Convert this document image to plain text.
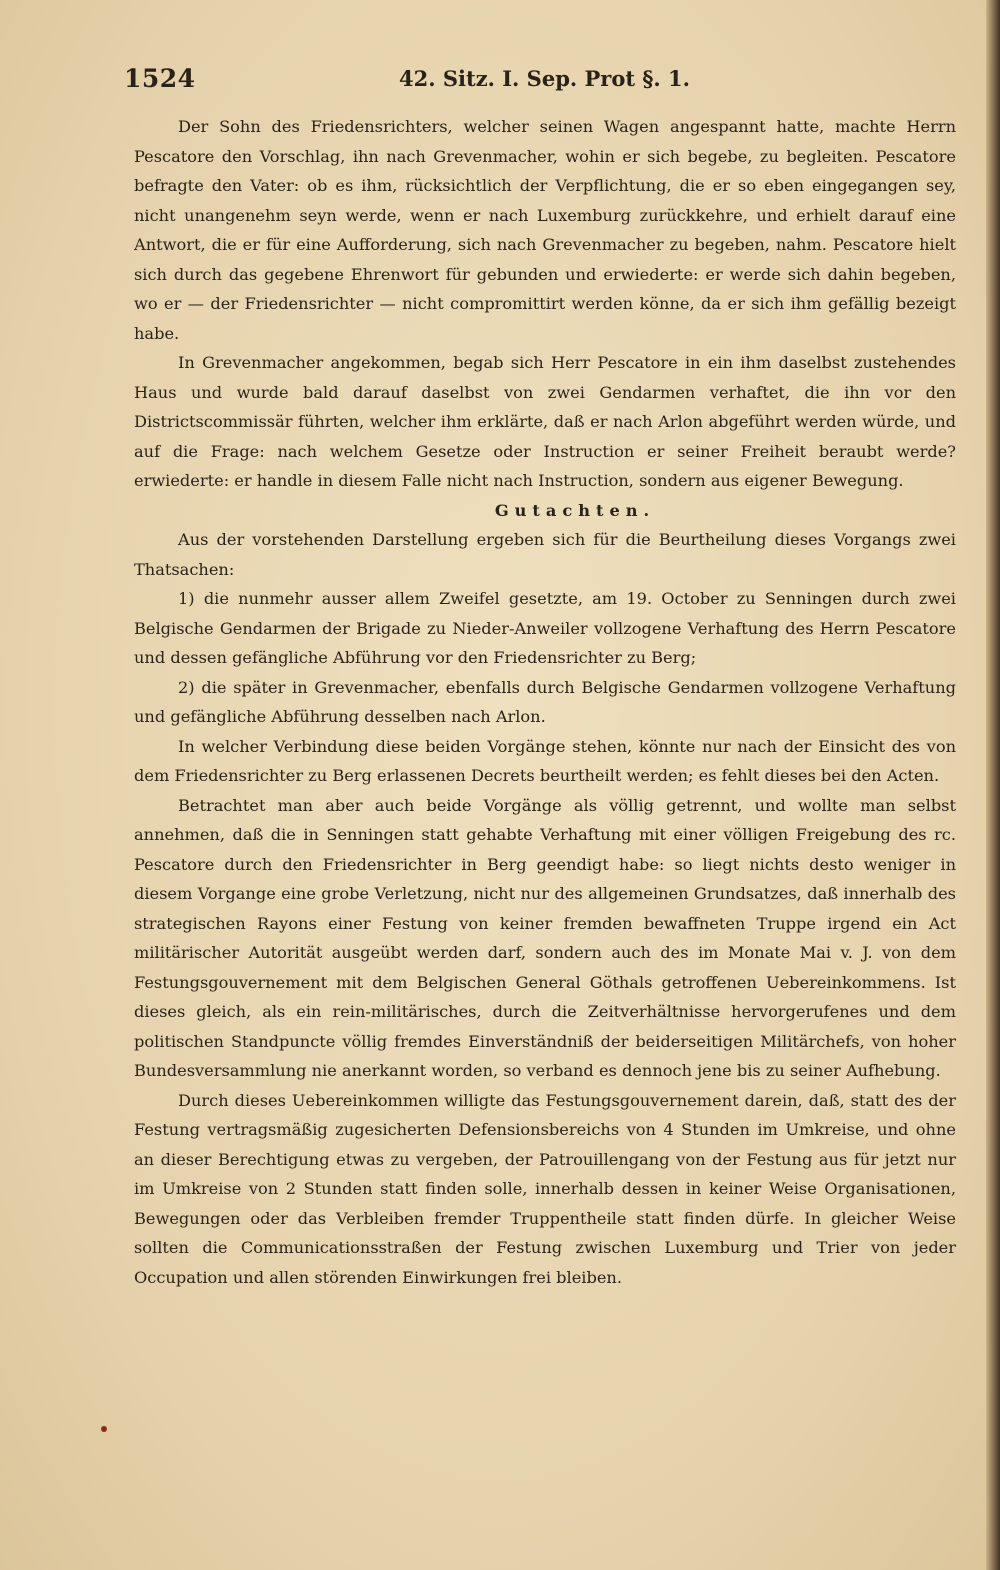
1524	42. Sitz. I. Sep. Prot §. 1.

Der Sohn des Friedensrichters, welcher seinen Wagen angespannt hatte, machte Herrn Pescatore den Vorschlag, ihn nach Grevenmacher, wohin er sich begebe, zu begleiten. Pescatore befragte den Vater: ob es ihm, rücksichtlich der Verpflichtung, die er so eben eingegangen sey, nicht unangenehm seyn werde, wenn er nach Luxemburg zurückkehre, und erhielt darauf eine Antwort, die er für eine Aufforderung, sich nach Grevenmacher zu begeben, nahm. Pescatore hielt sich durch das gegebene Ehrenwort für gebunden und erwiederte: er werde sich dahin begeben, wo er — der Friedensrichter — nicht compromittirt werden könne, da er sich ihm gefällig bezeigt habe.

In Grevenmacher angekommen, begab sich Herr Pescatore in ein ihm daselbst zustehendes Haus und wurde bald darauf daselbst von zwei Gendarmen verhaftet, die ihn vor den Districtscommissär führten, welcher ihm erklärte, daß er nach Arlon abgeführt werden würde, und auf die Frage: nach welchem Gesetze oder Instruction er seiner Freiheit beraubt werde? erwiederte: er handle in diesem Falle nicht nach Instruction, sondern aus eigener Bewegung.

Gutachten.

Aus der vorstehenden Darstellung ergeben sich für die Beurtheilung dieses Vorgangs zwei Thatsachen:

1) die nunmehr ausser allem Zweifel gesetzte, am 19. October zu Senningen durch zwei Belgische Gendarmen der Brigade zu Nieder-Anweiler vollzogene Verhaftung des Herrn Pescatore und dessen gefängliche Abführung vor den Friedensrichter zu Berg;

2) die später in Grevenmacher, ebenfalls durch Belgische Gendarmen vollzogene Verhaftung und gefängliche Abführung desselben nach Arlon.

In welcher Verbindung diese beiden Vorgänge stehen, könnte nur nach der Einsicht des von dem Friedensrichter zu Berg erlassenen Decrets beurtheilt werden; es fehlt dieses bei den Acten.

Betrachtet man aber auch beide Vorgänge als völlig getrennt, und wollte man selbst annehmen, daß die in Senningen statt gehabte Verhaftung mit einer völligen Freigebung des rc. Pescatore durch den Friedensrichter in Berg geendigt habe: so liegt nichts desto weniger in diesem Vorgange eine grobe Verletzung, nicht nur des allgemeinen Grundsatzes, daß innerhalb des strategischen Rayons einer Festung von keiner fremden bewaffneten Truppe irgend ein Act militärischer Autorität ausgeübt werden darf, sondern auch des im Monate Mai v. J. von dem Festungsgouvernement mit dem Belgischen General Göthals getroffenen Uebereinkommens. Ist dieses gleich, als ein rein-militärisches, durch die Zeitverhältnisse hervorgerufenes und dem politischen Standpuncte völlig fremdes Einverständniß der beiderseitigen Militärchefs, von hoher Bundesversammlung nie anerkannt worden, so verband es dennoch jene bis zu seiner Aufhebung.

Durch dieses Uebereinkommen willigte das Festungsgouvernement darein, daß, statt des der Festung vertragsmäßig zugesicherten Defensionsbereichs von 4 Stunden im Umkreise, und ohne an dieser Berechtigung etwas zu vergeben, der Patrouillengang von der Festung aus für jetzt nur im Umkreise von 2 Stunden statt finden solle, innerhalb dessen in keiner Weise Organisationen, Bewegungen oder das Verbleiben fremder Truppentheile statt finden dürfe. In gleicher Weise sollten die Communicationsstraßen der Festung zwischen Luxemburg und Trier von jeder Occupation und allen störenden Einwirkungen frei bleiben.
